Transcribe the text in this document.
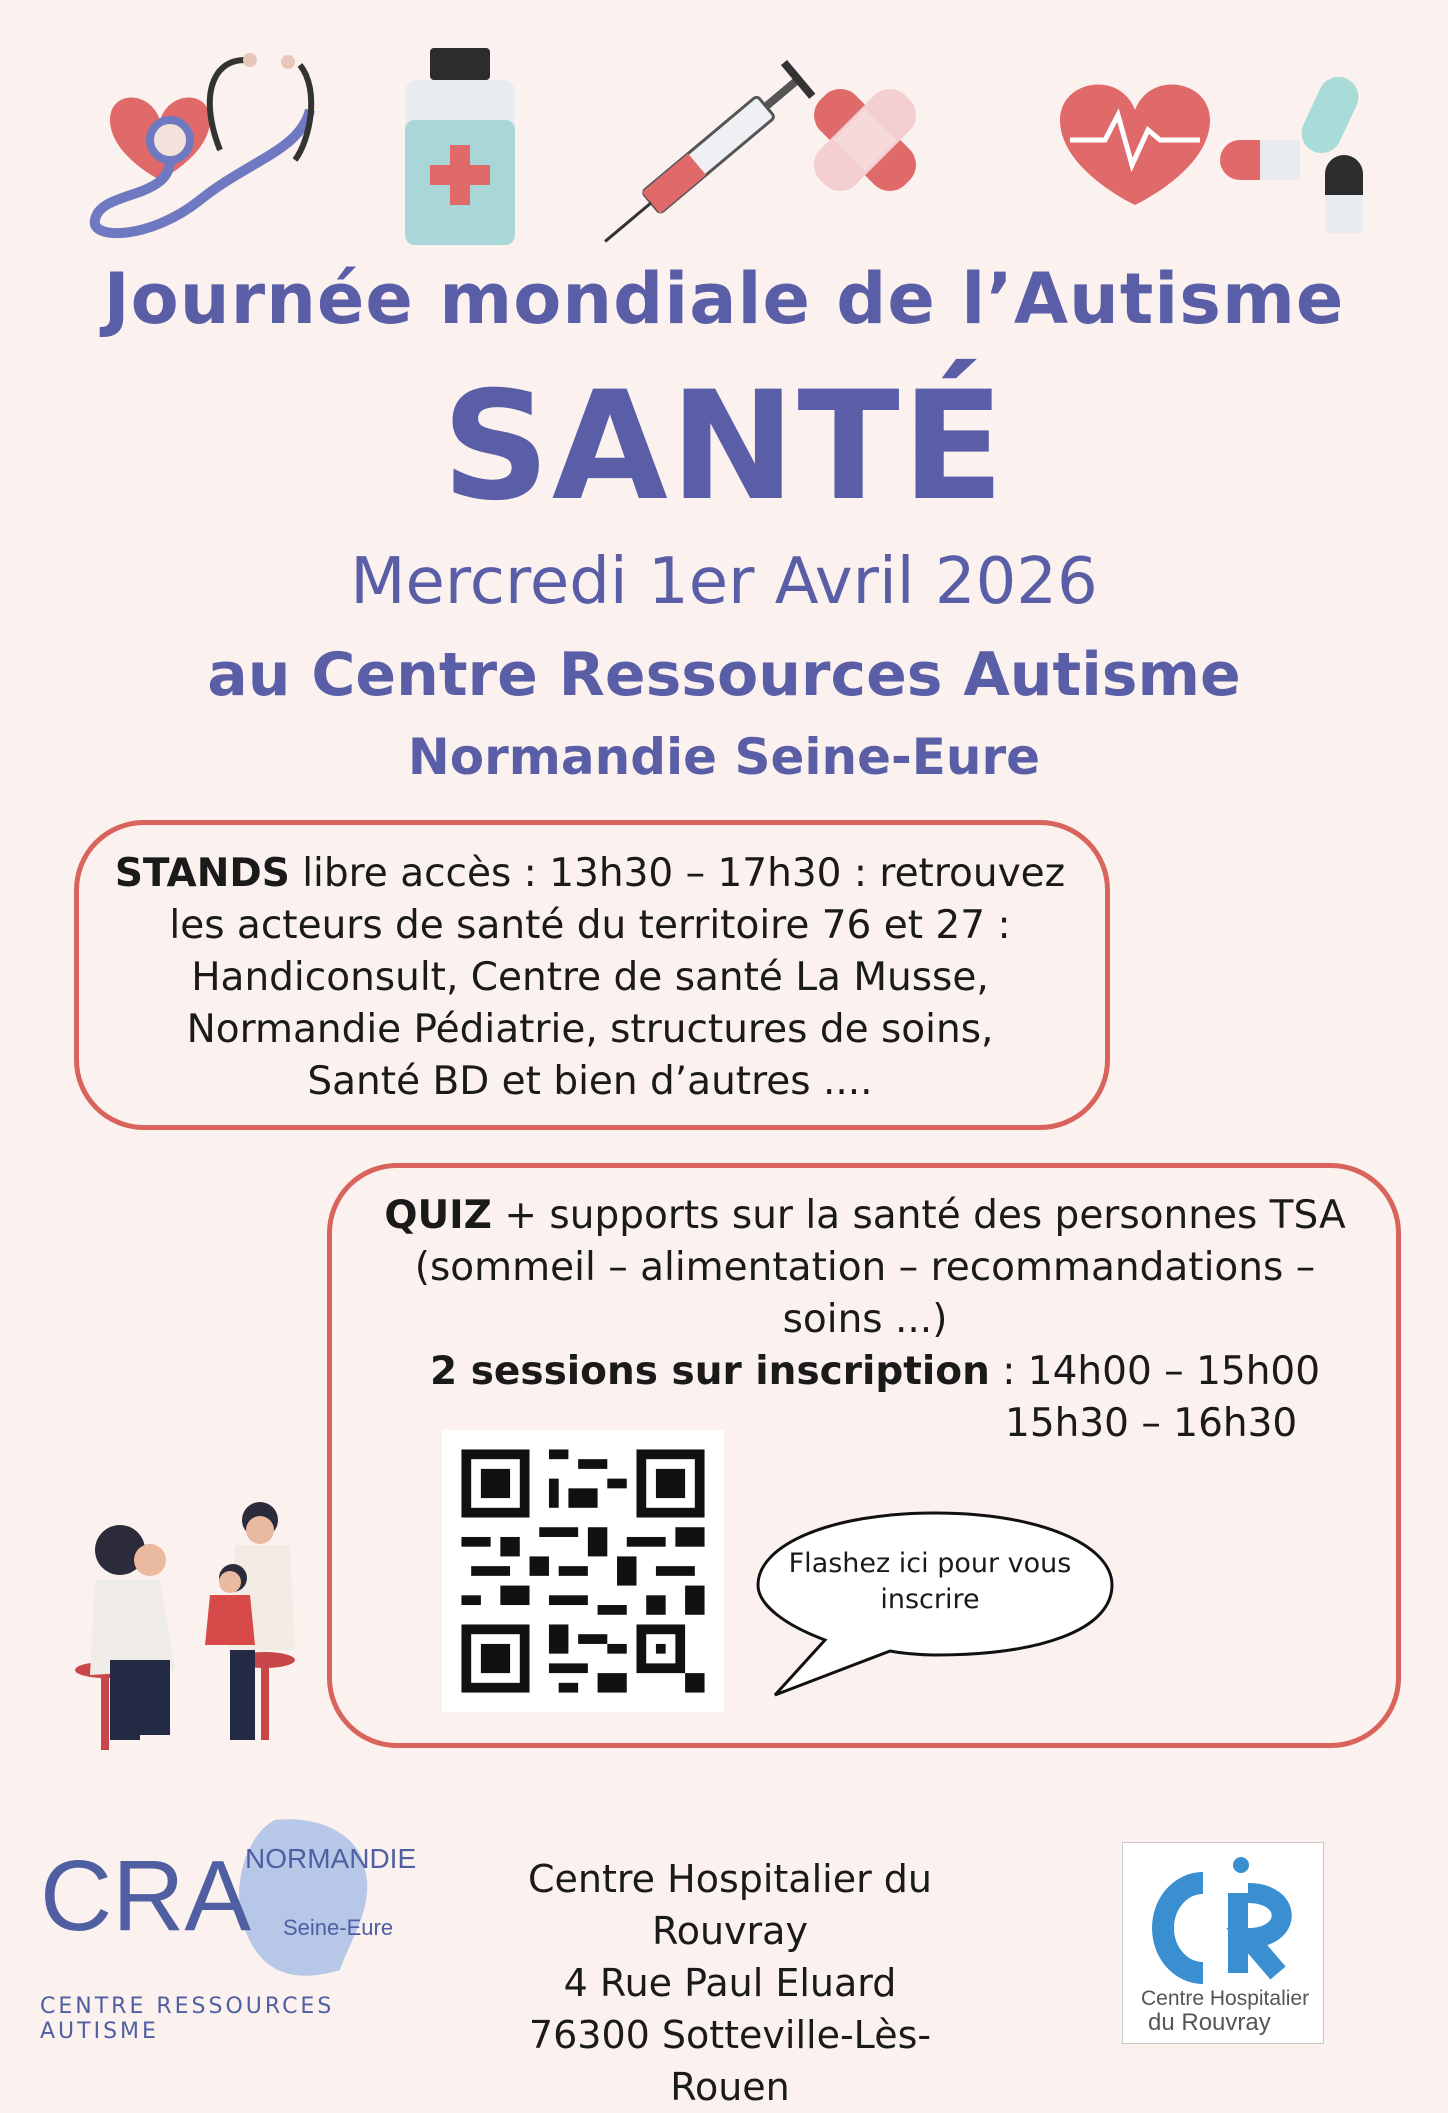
Journée mondiale de l’Autisme
SANTÉ
Mercredi 1er Avril 2026
au Centre Ressources Autisme
Normandie Seine-Eure
STANDS libre accès : 13h30 – 17h30 : retrouvez
les acteurs de santé du territoire 76 et 27 :
Handiconsult, Centre de santé La Musse,
Normandie Pédiatrie, structures de soins,
Santé BD et bien d’autres ....
QUIZ + supports sur la santé des personnes TSA
(sommeil – alimentation – recommandations –
soins ...)
2 sessions sur inscription : 14h00 – 15h00
15h30 – 16h30
Flashez ici pour vous inscrire
CRA
NORMANDIE
Seine-Eure
CENTRE RESSOURCES AUTISME
Centre Hospitalier du Rouvray
4 Rue Paul Eluard
76300 Sotteville-Lès-Rouen
Centre Hospitalier
du Rouvray
